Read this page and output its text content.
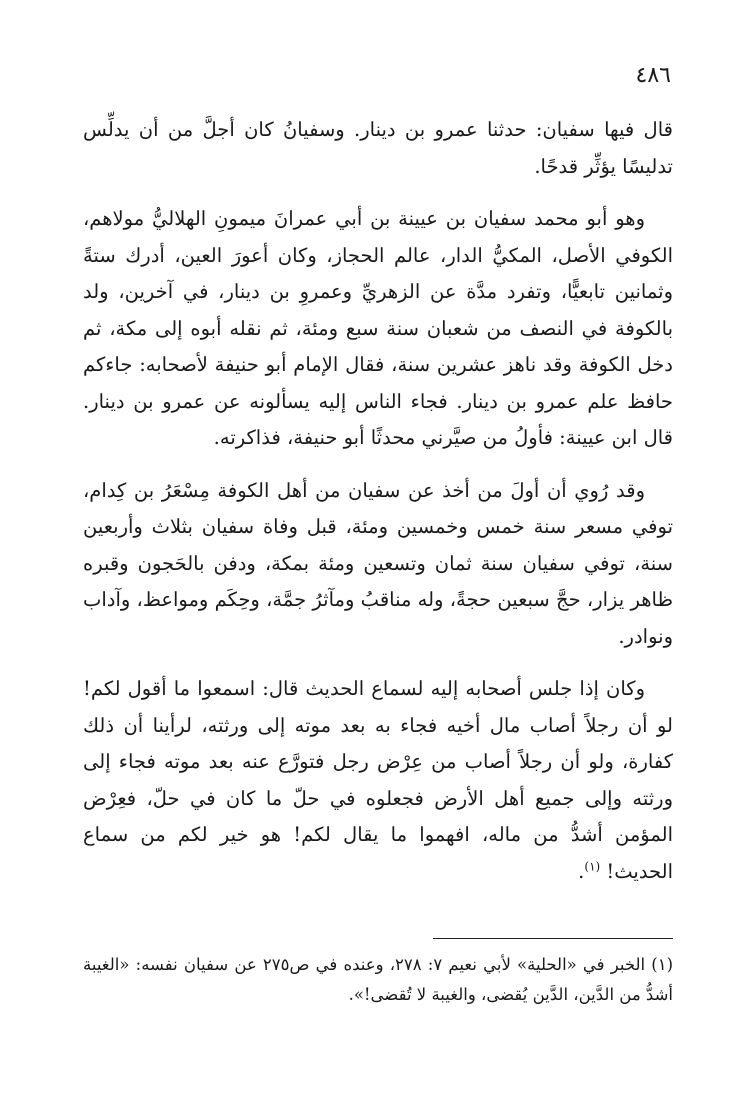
٤٨٦

قال فيها سفيان: حدثنا عمرو بن دينار. وسفيانُ كان أجلَّ من أن يدلِّس تدليسًا يؤثِّر قدحًا.

وهو أبو محمد سفيان بن عيينة بن أبي عمرانَ ميمونِ الهلاليُّ مولاهم، الكوفي الأصل، المكيُّ الدار، عالم الحجاز، وكان أعورَ العين، أدرك ستةً وثمانين تابعيًّا، وتفرد مدَّة عن الزهريِّ وعمروِ بن دينار، في آخرين، ولد بالكوفة في النصف من شعبان سنة سبع ومئة، ثم نقله أبوه إلى مكة، ثم دخل الكوفة وقد ناهز عشرين سنة، فقال الإمام أبو حنيفة لأصحابه: جاءكم حافظ علم عمرو بن دينار. فجاء الناس إليه يسألونه عن عمرو بن دينار. قال ابن عيينة: فأولُ من صيَّرني محدثًا أبو حنيفة، فذاكرته.

وقد رُوي أن أولَ من أخذ عن سفيان من أهل الكوفة مِسْعَرُ بن كِدام، توفي مسعر سنة خمس وخمسين ومئة، قبل وفاة سفيان بثلاث وأربعين سنة، توفي سفيان سنة ثمان وتسعين ومئة بمكة، ودفن بالحَجون وقبره ظاهر يزار، حجَّ سبعين حجةً، وله مناقبُ ومآثرُ جمَّة، وحِكَم ومواعظ، وآداب ونوادر.

وكان إذا جلس أصحابه إليه لسماع الحديث قال: اسمعوا ما أقول لكم! لو أن رجلاً أصاب مال أخيه فجاء به بعد موته إلى ورثته، لرأينا أن ذلك كفارة، ولو أن رجلاً أصاب من عِرْض رجل فتورَّع عنه بعد موته فجاء إلى ورثته وإلى جميع أهل الأرض فجعلوه في حلّ ما كان في حلّ، فعِرْض المؤمن أشدُّ من ماله، افهموا ما يقال لكم! هو خير لكم من سماع الحديث! $^{(١)}$.

(١) الخبر في «الحلية» لأبي نعيم ٧: ٢٧٨، وعنده في ص٢٧٥ عن سفيان نفسه: «الغيبة أشدُّ من الدَّين، الدَّين يُقضى، والغيبة لا تُقضى!».
